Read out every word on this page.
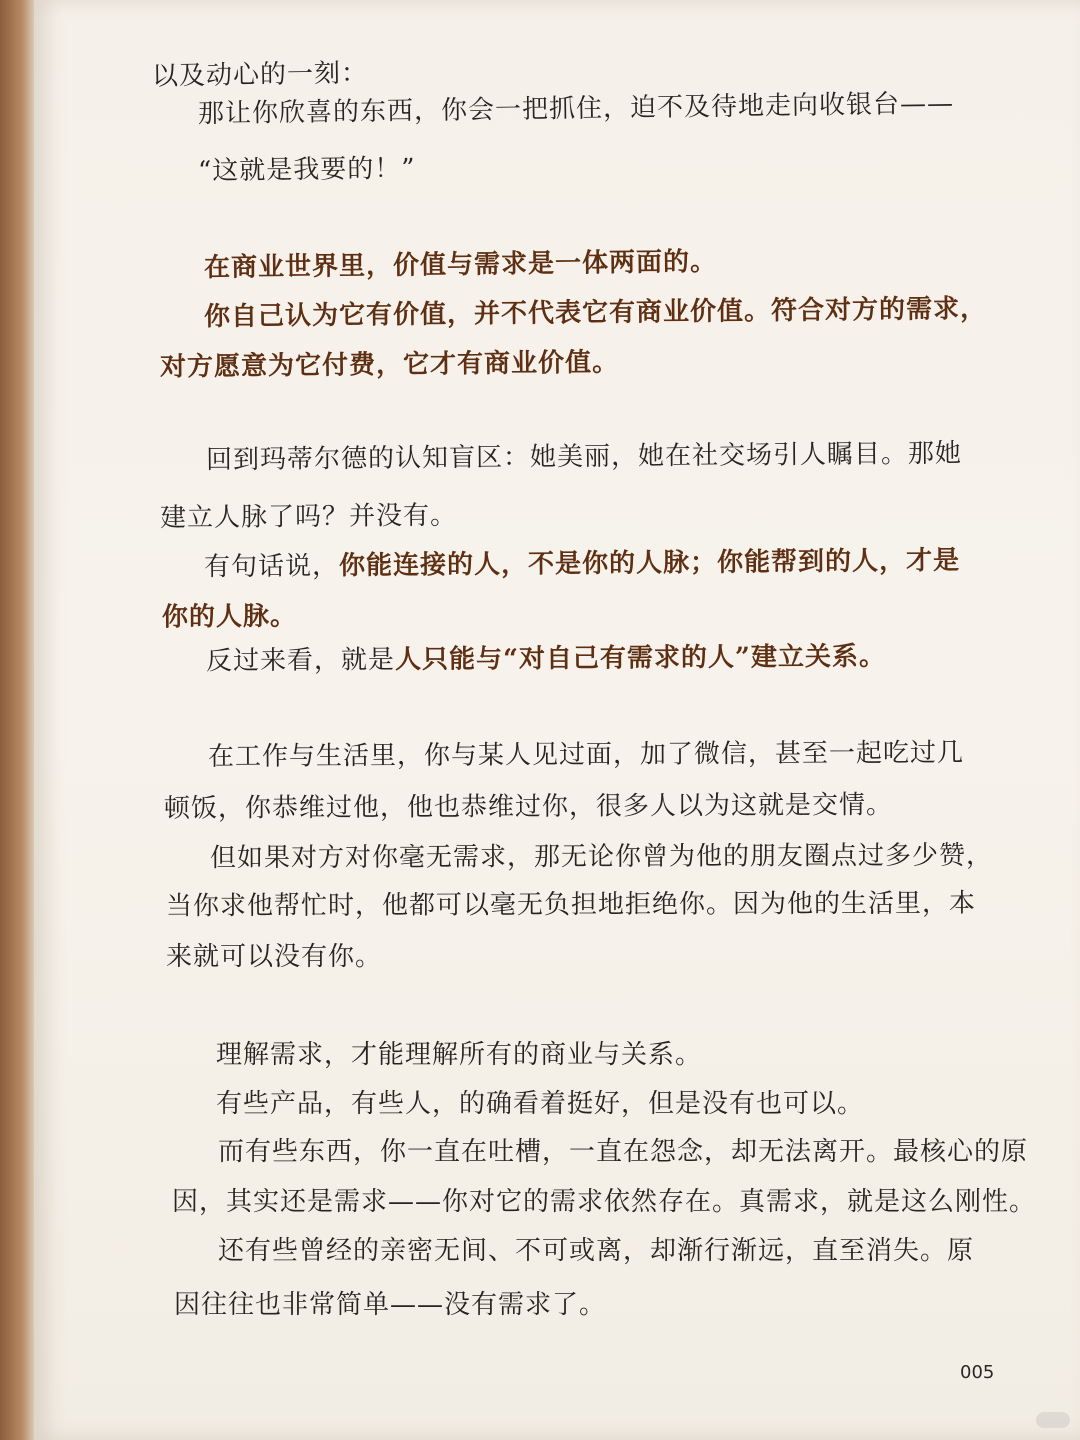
以及动心的一刻：

那让你欣喜的东西，你会一把抓住，迫不及待地走向收银台——

“这就是我要的！”

在商业世界里，价值与需求是一体两面的。

你自己认为它有价值，并不代表它有商业价值。符合对方的需求，

对方愿意为它付费，它才有商业价值。

回到玛蒂尔德的认知盲区：她美丽，她在社交场引人瞩目。那她

建立人脉了吗？并没有。

有句话说，你能连接的人，不是你的人脉；你能帮到的人，才是

你的人脉。

反过来看，就是人只能与“对自己有需求的人”建立关系。

在工作与生活里，你与某人见过面，加了微信，甚至一起吃过几

顿饭，你恭维过他，他也恭维过你，很多人以为这就是交情。

但如果对方对你毫无需求，那无论你曾为他的朋友圈点过多少赞，

当你求他帮忙时，他都可以毫无负担地拒绝你。因为他的生活里，本

来就可以没有你。

理解需求，才能理解所有的商业与关系。

有些产品，有些人，的确看着挺好，但是没有也可以。

而有些东西，你一直在吐槽，一直在怨念，却无法离开。最核心的原

因，其实还是需求——你对它的需求依然存在。真需求，就是这么刚性。

还有些曾经的亲密无间、不可或离，却渐行渐远，直至消失。原

因往往也非常简单——没有需求了。

005
